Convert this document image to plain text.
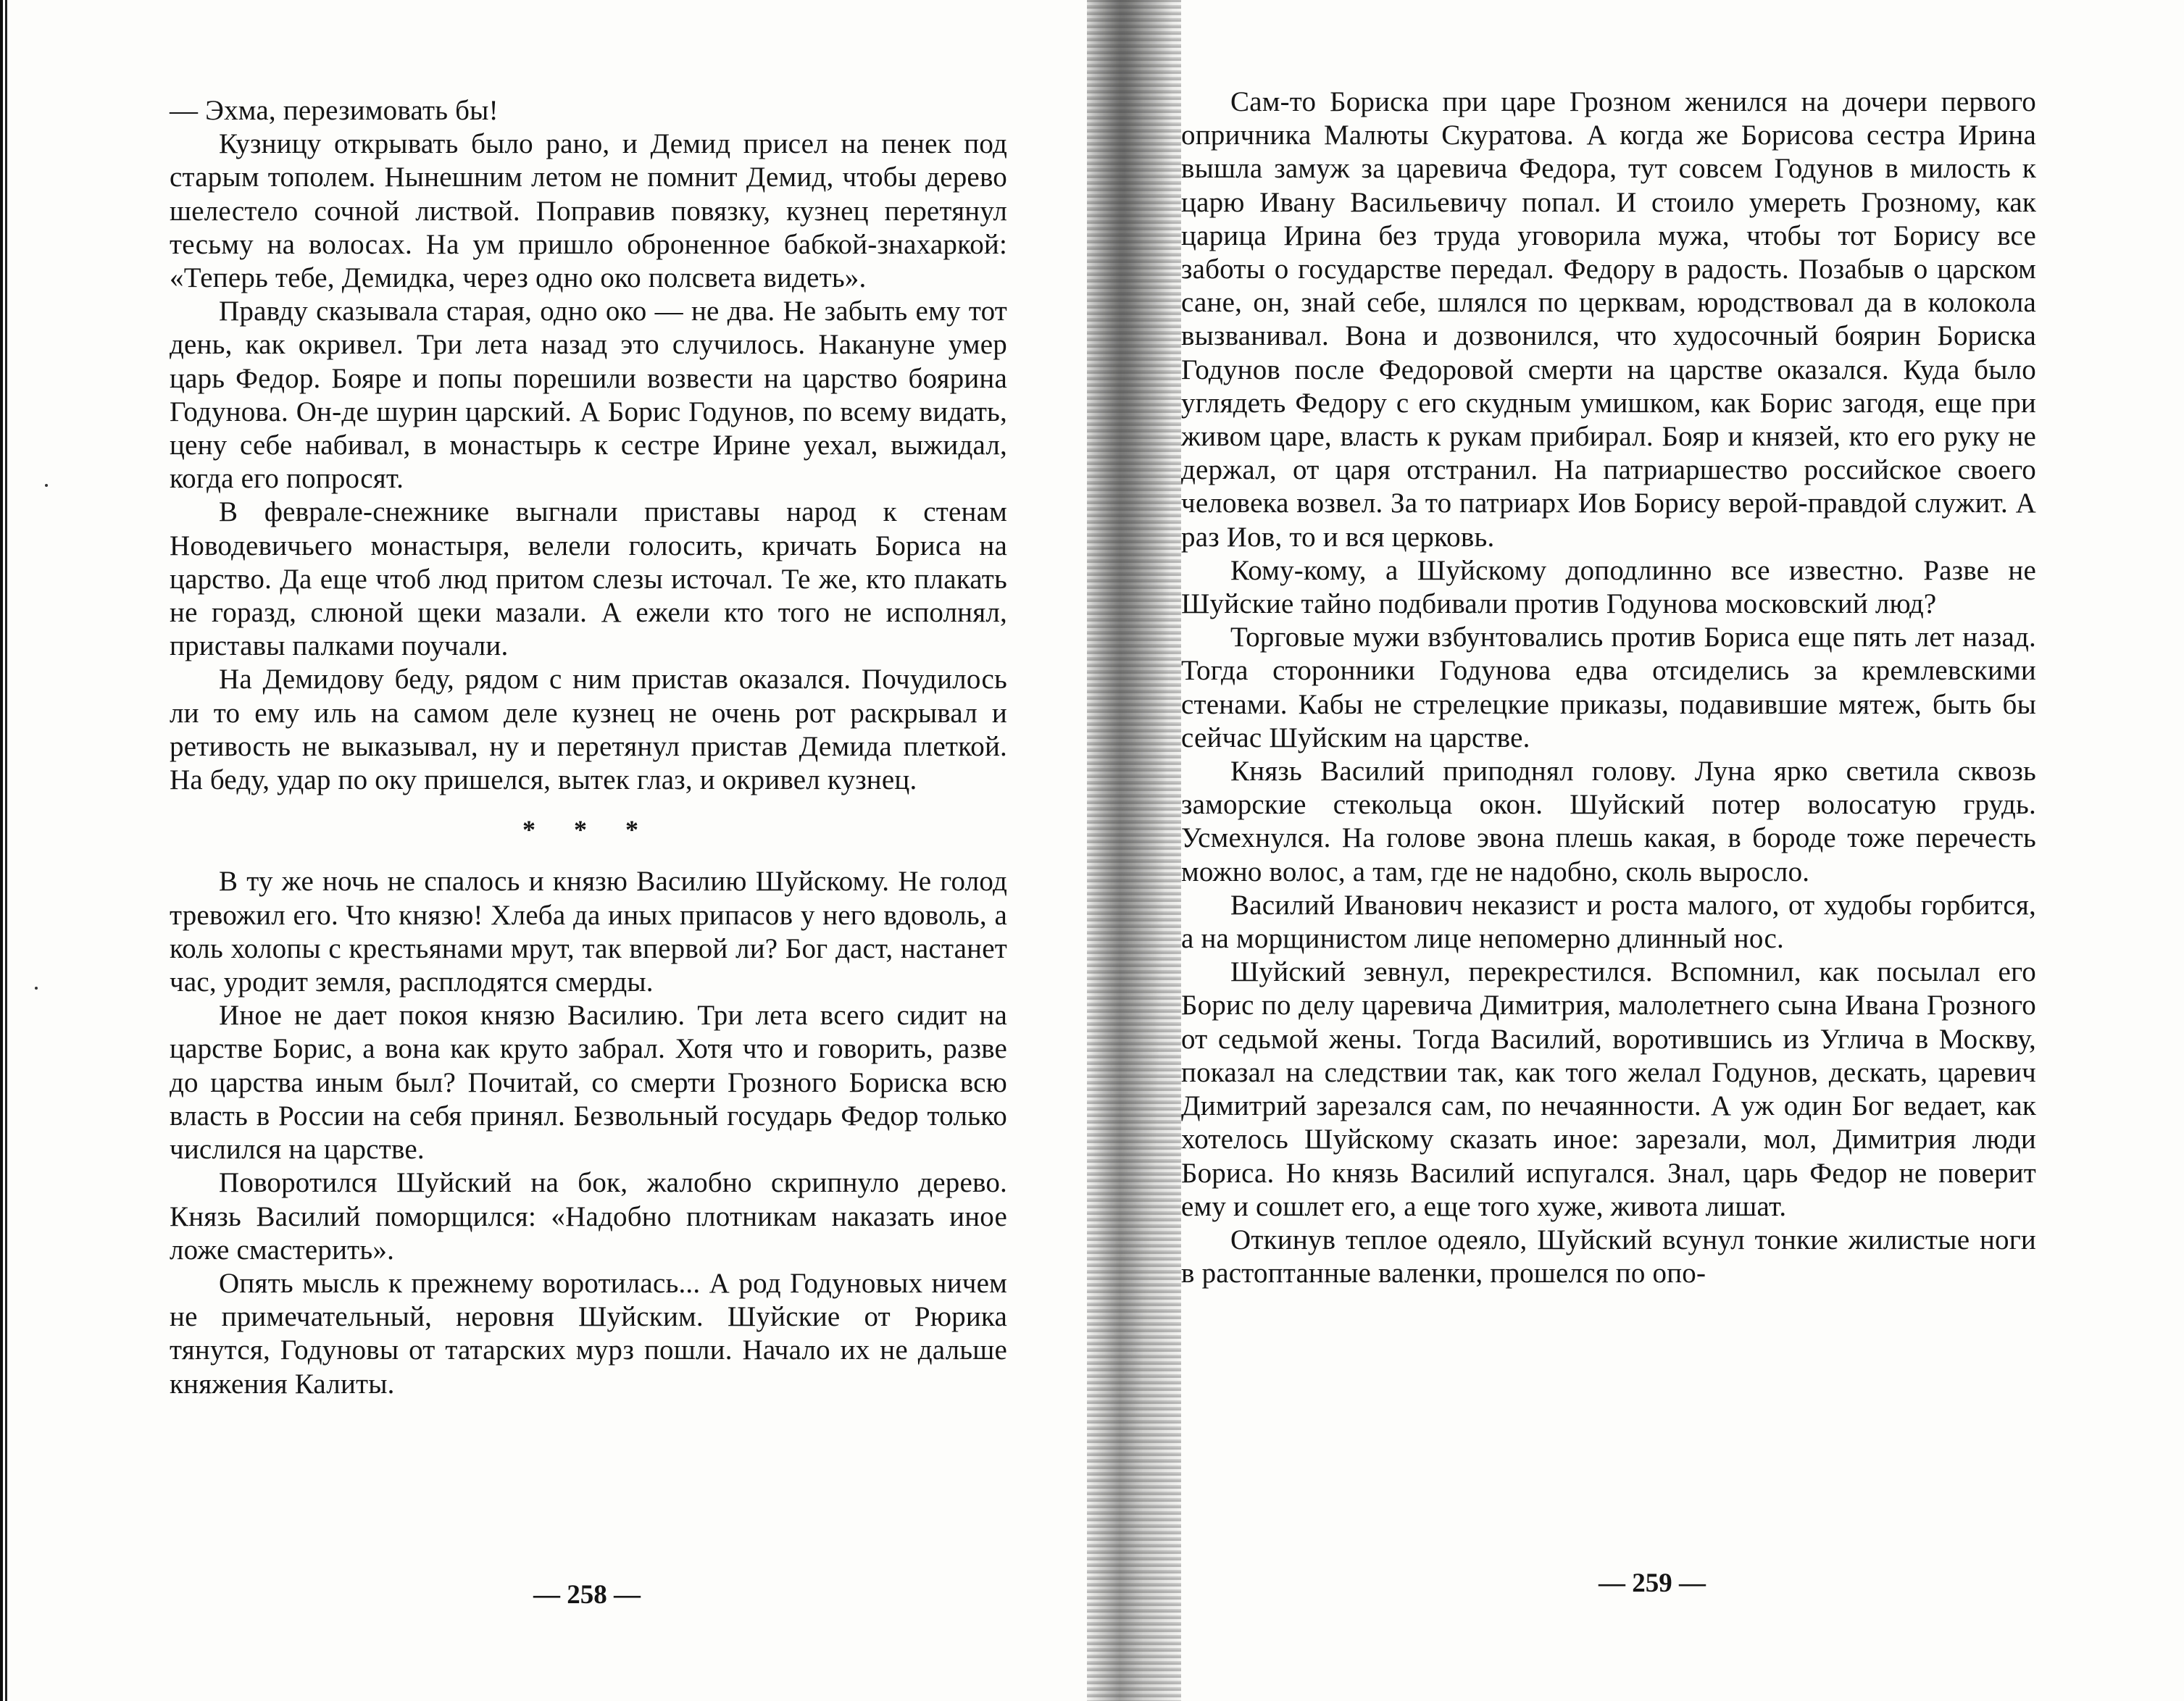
— Эхма, перезимовать бы!

Кузницу открывать было рано, и Демид присел на пенек под старым тополем. Нынешним летом не помнит Демид, чтобы дерево шелестело сочной листвой. Поправив повязку, кузнец перетянул тесьму на волосах. На ум пришло оброненное бабкой-знахаркой: «Теперь тебе, Демидка, через одно око полсвета видеть».

Правду сказывала старая, одно око — не два. Не забыть ему тот день, как окривел. Три лета назад это случилось. Накануне умер царь Федор. Бояре и попы порешили возвести на царство боярина Годунова. Он-де шурин царский. А Борис Годунов, по всему видать, цену себе набивал, в монастырь к сестре Ирине уехал, выжидал, когда его попросят.

В феврале-снежнике выгнали приставы народ к стенам Новодевичьего монастыря, велели голосить, кричать Бориса на царство. Да еще чтоб люд притом слезы источал. Те же, кто плакать не горазд, слюной щеки мазали. А ежели кто того не исполнял, приставы палками поучали.

На Демидову беду, рядом с ним пристав оказался. Почудилось ли то ему иль на самом деле кузнец не очень рот раскрывал и ретивость не выказывал, ну и перетянул пристав Демида плеткой. На беду, удар по оку пришелся, вытек глаз, и окривел кузнец.

* * *

В ту же ночь не спалось и князю Василию Шуйскому. Не голод тревожил его. Что князю! Хлеба да иных припасов у него вдоволь, а коль холопы с крестьянами мрут, так впервой ли? Бог даст, настанет час, уродит земля, расплодятся смерды.

Иное не дает покоя князю Василию. Три лета всего сидит на царстве Борис, а вона как круто забрал. Хотя что и говорить, разве до царства иным был? Почитай, со смерти Грозного Бориска всю власть в России на себя принял. Безвольный государь Федор только числился на царстве.

Поворотился Шуйский на бок, жалобно скрипнуло дерево. Князь Василий поморщился: «Надобно плотникам наказать иное ложе смастерить».

Опять мысль к прежнему воротилась... А род Годуновых ничем не примечательный, неровня Шуйским. Шуйские от Рюрика тянутся, Годуновы от татарских мурз пошли. Начало их не дальше княжения Калиты.

— 258 —

Сам-то Бориска при царе Грозном женился на дочери первого опричника Малюты Скуратова. А когда же Борисова сестра Ирина вышла замуж за царевича Федора, тут совсем Годунов в милость к царю Ивану Васильевичу попал. И стоило умереть Грозному, как царица Ирина без труда уговорила мужа, чтобы тот Борису все заботы о государстве передал. Федору в радость. Позабыв о царском сане, он, знай себе, шлялся по церквам, юродствовал да в колокола вызванивал. Вона и дозвонился, что худосочный боярин Бориска Годунов после Федоровой смерти на царстве оказался. Куда было углядеть Федору с его скудным умишком, как Борис загодя, еще при живом царе, власть к рукам прибирал. Бояр и князей, кто его руку не держал, от царя отстранил. На патриаршество российское своего человека возвел. За то патриарх Иов Борису верой-правдой служит. А раз Иов, то и вся церковь.

Кому-кому, а Шуйскому доподлинно все известно. Разве не Шуйские тайно подбивали против Годунова московский люд?

Торговые мужи взбунтовались против Бориса еще пять лет назад. Тогда сторонники Годунова едва отсиделись за кремлевскими стенами. Кабы не стрелецкие приказы, подавившие мятеж, быть бы сейчас Шуйским на царстве.

Князь Василий приподнял голову. Луна ярко светила сквозь заморские стекольца окон. Шуйский потер волосатую грудь. Усмехнулся. На голове эвона плешь какая, в бороде тоже перечесть можно волос, а там, где не надобно, сколь выросло.

Василий Иванович неказист и роста малого, от худобы горбится, а на морщинистом лице непомерно длинный нос.

Шуйский зевнул, перекрестился. Вспомнил, как посылал его Борис по делу царевича Димитрия, малолетнего сына Ивана Грозного от седьмой жены. Тогда Василий, воротившись из Углича в Москву, показал на следствии так, как того желал Годунов, дескать, царевич Димитрий зарезался сам, по нечаянности. А уж один Бог ведает, как хотелось Шуйскому сказать иное: зарезали, мол, Димитрия люди Бориса. Но князь Василий испугался. Знал, царь Федор не поверит ему и сошлет его, а еще того хуже, живота лишат.

Откинув теплое одеяло, Шуйский всунул тонкие жилистые ноги в растоптанные валенки, прошелся по опо-

— 259 —
